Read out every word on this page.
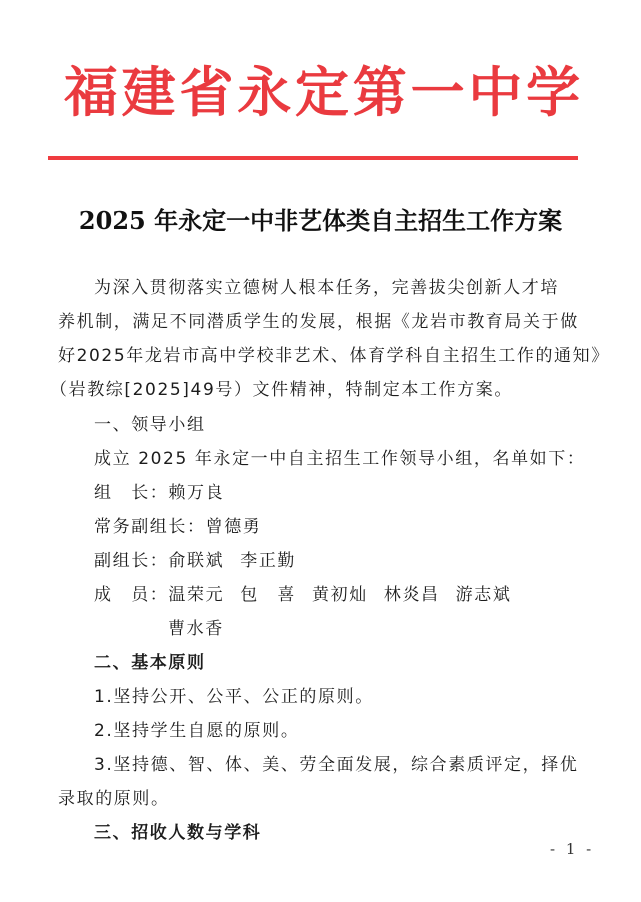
福 建 省 永 定 第 一 中 学
2025 年永定一中非艺体类自主招生工作方案
为深入贯彻落实立德树人根本任务，完善拔尖创新人才培
养机制，满足不同潜质学生的发展，根据《龙岩市教育局关于做
好2025年龙岩市高中学校非艺术、体育学科自主招生工作的通知》
（岩教综[2025]49号）文件精神，特制定本工作方案。
一、领导小组
成立 2025 年永定一中自主招生工作领导小组，名单如下：
组　长：赖万良
常务副组长：曾德勇
副组长：俞联斌 李正勤
成　员：温荣元 包　喜 黄初灿 林炎昌 游志斌
曹水香
二、基本原则
1.坚持公开、公平、公正的原则。
2.坚持学生自愿的原则。
3.坚持德、智、体、美、劳全面发展，综合素质评定，择优
录取的原则。
三、招收人数与学科
- 1 -
